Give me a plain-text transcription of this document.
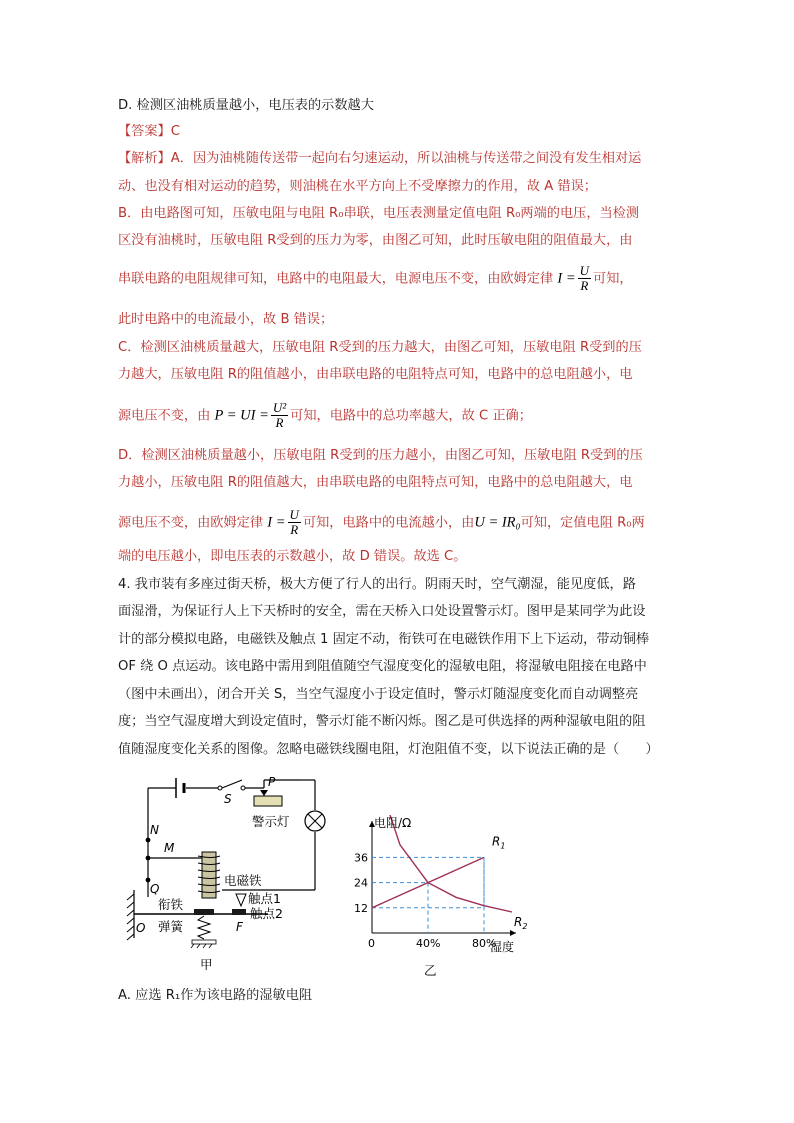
D. 检测区油桃质量越小，电压表的示数越大
【答案】C
【解析】A．因为油桃随传送带一起向右匀速运动，所以油桃与传送带之间没有发生相对运
动、也没有相对运动的趋势，则油桃在水平方向上不受摩擦力的作用，故 A 错误；
B．由电路图可知，压敏电阻与电阻 R₀串联，电压表测量定值电阻 R₀两端的电压，当检测
区没有油桃时，压敏电阻 R受到的压力为零，由图乙可知，此时压敏电阻的阻值最大，由
串联电路的电阻规律可知，电路中的电阻最大，电源电压不变，由欧姆定律 $I = \frac{U}{R}$ 可知，
此时电路中的电流最小，故 B 错误；
C．检测区油桃质量越大，压敏电阻 R受到的压力越大，由图乙可知，压敏电阻 R受到的压
力越大，压敏电阻 R的阻值越小，由串联电路的电阻特点可知，电路中的总电阻越小，电
源电压不变，由 P = UI = $\frac{\text{U²}}{R}$ 可知，电路中的总功率越大，故 C 正确；
D．检测区油桃质量越小，压敏电阻 R受到的压力越小，由图乙可知，压敏电阻 R受到的压
力越小，压敏电阻 R的阻值越大，由串联电路的电阻特点可知，电路中的总电阻越大，电
源电压不变，由欧姆定律 $I = \frac{U}{R}$ 可知，电路中的电流越小，由U = IR₀可知，定值电阻 R₀两
端的电压越小，即电压表的示数越小，故 D 错误。故选 C。
4. 我市装有多座过街天桥，极大方便了行人的出行。阴雨天时，空气潮湿，能见度低，路
面湿滑，为保证行人上下天桥时的安全，需在天桥入口处设置警示灯。图甲是某同学为此设
计的部分模拟电路，电磁铁及触点 1 固定不动，衔铁可在电磁铁作用下上下运动，带动铜棒
OF 绕 O 点运动。该电路中需用到阻值随空气湿度变化的湿敏电阻，将湿敏电阻接在电路中
（图中未画出），闭合开关 S，当空气湿度小于设定值时，警示灯随湿度变化而自动调整亮
度；当空气湿度增大到设定值时，警示灯能不断闪烁。图乙是可供选择的两种湿敏电阻的阻
值随湿度变化关系的图像。忽略电磁铁线圈电阻，灯泡阻值不变，以下说法正确的是（　　）
S
P
警示灯
N
M
Q
电磁铁
衔铁
弹簧
触点1
触点2
O	F
甲
$R_1$
$R_2$
0	40%	80%
12
24
36
电阻/Ω
湿度
乙
A. 应选 R₁作为该电路的湿敏电阻
